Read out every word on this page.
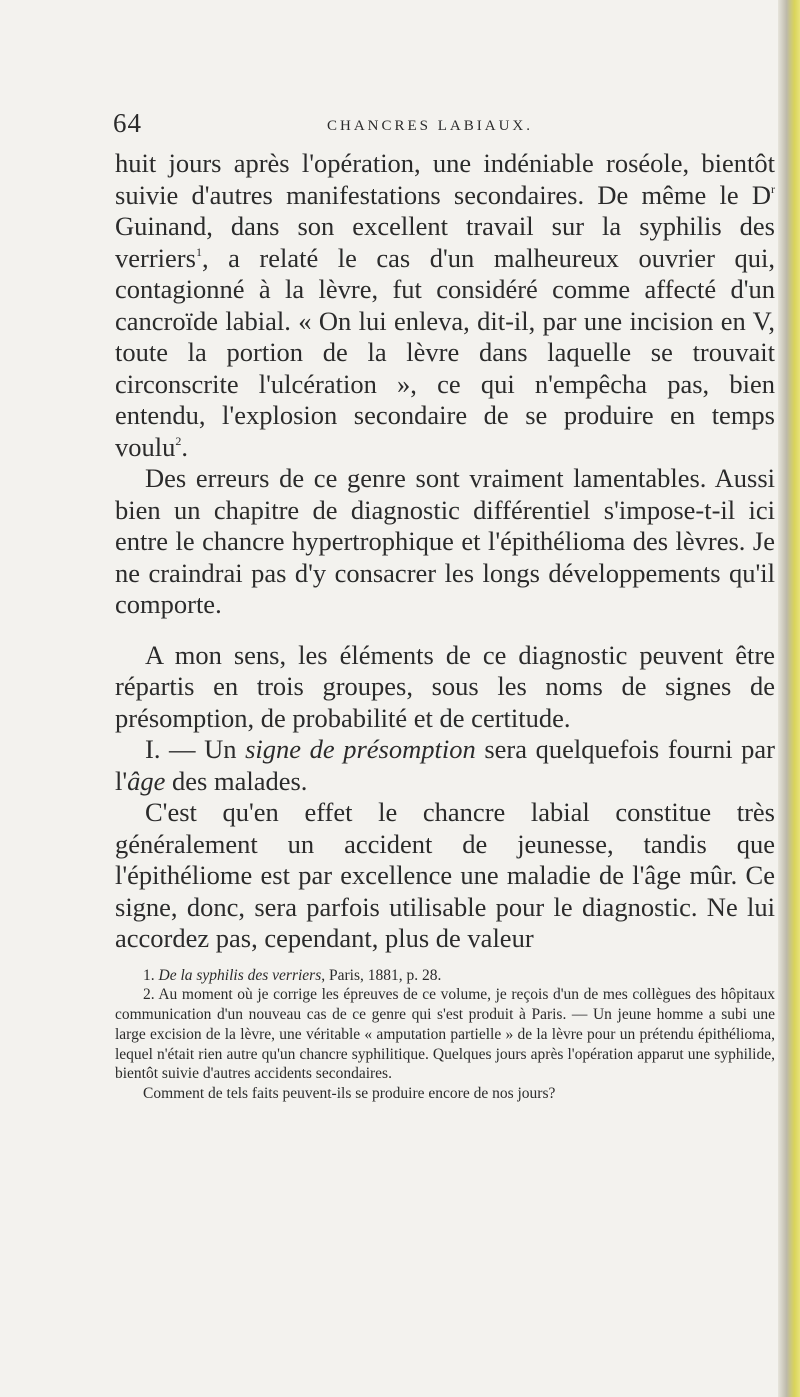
64	CHANCRES LABIAUX.

huit jours après l'opération, une indéniable roséole, bientôt suivie d'autres manifestations secondaires. De même le $D^r$ Guinand, dans son excellent travail sur la syphilis des verriers$^1$, a relaté le cas d'un malheureux ouvrier qui, contagionné à la lèvre, fut considéré comme affecté d'un cancroïde labial. « On lui enleva, dit-il, par une incision en V, toute la portion de la lèvre dans laquelle se trouvait circonscrite l'ulcération », ce qui n'empêcha pas, bien entendu, l'explosion secondaire de se produire en temps voulu$^2$.

Des erreurs de ce genre sont vraiment lamentables. Aussi bien un chapitre de diagnostic différentiel s'impose-t-il ici entre le chancre hypertrophique et l'épithélioma des lèvres. Je ne craindrai pas d'y consacrer les longs développements qu'il comporte.

A mon sens, les éléments de ce diagnostic peuvent être répartis en trois groupes, sous les noms de signes de présomption, de probabilité et de certitude.

I. — Un signe de présomption sera quelquefois fourni par l'âge des malades.

C'est qu'en effet le chancre labial constitue très généralement un accident de jeunesse, tandis que l'épithéliome est par excellence une maladie de l'âge mûr. Ce signe, donc, sera parfois utilisable pour le diagnostic. Ne lui accordez pas, cependant, plus de valeur

1. De la syphilis des verriers, Paris, 1881, p. 28.

2. Au moment où je corrige les épreuves de ce volume, je reçois d'un de mes collègues des hôpitaux communication d'un nouveau cas de ce genre qui s'est produit à Paris. — Un jeune homme a subi une large excision de la lèvre, une véritable « amputation partielle » de la lèvre pour un prétendu épithélioma, lequel n'était rien autre qu'un chancre syphilitique. Quelques jours après l'opération apparut une syphilide, bientôt suivie d'autres accidents secondaires.

Comment de tels faits peuvent-ils se produire encore de nos jours?
